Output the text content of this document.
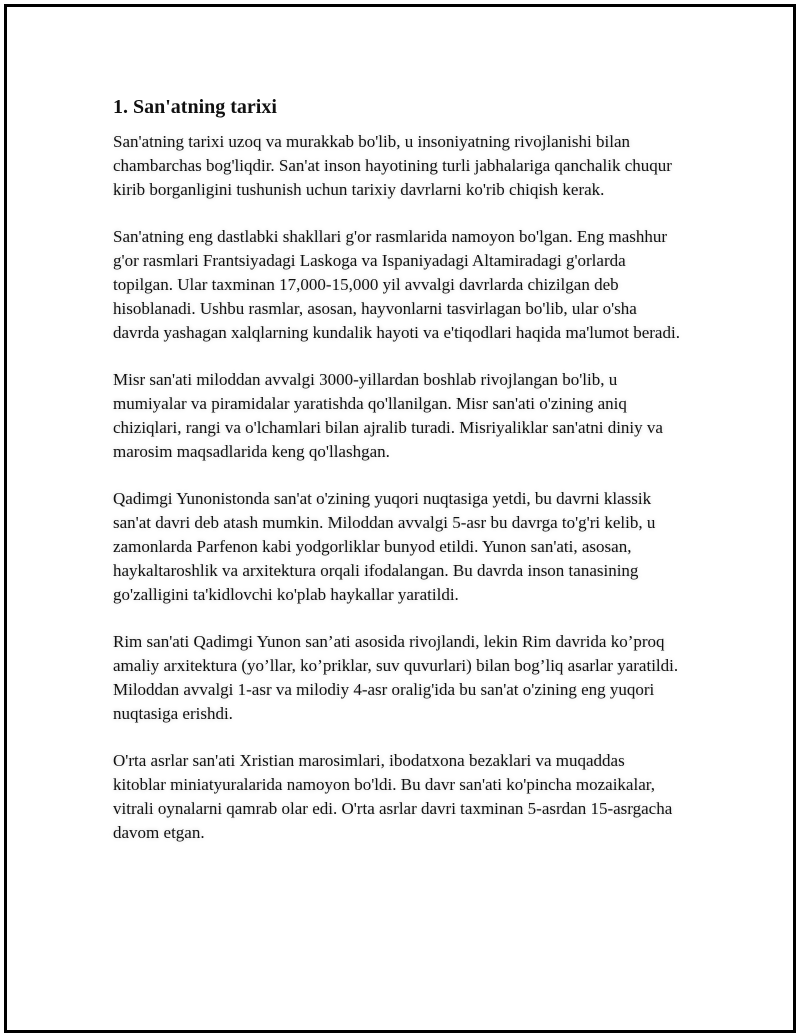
1. San'atning tarixi

San'atning tarixi uzoq va murakkab bo'lib, u insoniyatning rivojlanishi bilan chambarchas bog'liqdir. San'at inson hayotining turli jabhalariga qanchalik chuqur kirib borganligini tushunish uchun tarixiy davrlarni ko'rib chiqish kerak.

San'atning eng dastlabki shakllari g'or rasmlarida namoyon bo'lgan. Eng mashhur g'or rasmlari Frantsiyadagi Laskoga va Ispaniyadagi Altamiradagi g'orlarda topilgan. Ular taxminan 17,000-15,000 yil avvalgi davrlarda chizilgan deb hisoblanadi. Ushbu rasmlar, asosan, hayvonlarni tasvirlagan bo'lib, ular o'sha davrda yashagan xalqlarning kundalik hayoti va e'tiqodlari haqida ma'lumot beradi.

Misr san'ati miloddan avvalgi 3000-yillardan boshlab rivojlangan bo'lib, u mumiyalar va piramidalar yaratishda qo'llanilgan. Misr san'ati o'zining aniq chiziqlari, rangi va o'lchamlari bilan ajralib turadi. Misriyaliklar san'atni diniy va marosim maqsadlarida keng qo'llashgan.

Qadimgi Yunonistonda san'at o'zining yuqori nuqtasiga yetdi, bu davrni klassik san'at davri deb atash mumkin. Miloddan avvalgi 5-asr bu davrga to'g'ri kelib, u zamonlarda Parfenon kabi yodgorliklar bunyod etildi. Yunon san'ati, asosan, haykaltaroshlik va arxitektura orqali ifodalangan. Bu davrda inson tanasining go'zalligini ta'kidlovchi ko'plab haykallar yaratildi.

Rim san'ati Qadimgi Yunon san’ati asosida rivojlandi, lekin Rim davrida ko’proq amaliy arxitektura (yo’llar, ko’priklar, suv quvurlari) bilan bog’liq asarlar yaratildi. Miloddan avvalgi 1-asr va milodiy 4-asr oralig'ida bu san'at o'zining eng yuqori nuqtasiga erishdi.

O'rta asrlar san'ati Xristian marosimlari, ibodatxona bezaklari va muqaddas kitoblar miniatyuralarida namoyon bo'ldi. Bu davr san'ati ko'pincha mozaikalar, vitrali oynalarni qamrab olar edi. O'rta asrlar davri taxminan 5-asrdan 15-asrgacha davom etgan.
